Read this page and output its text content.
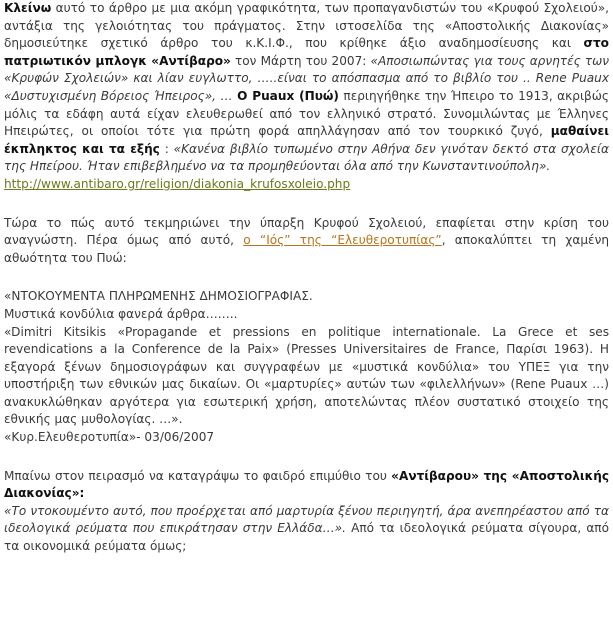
Κλείνω αυτό το άρθρο με μια ακόμη γραφικότητα, των προπαγανδιστών του «Κρυφού Σχολειού», αντάξια της γελοιότητας του πράγματος. Στην ιστοσελίδα της «Αποστολικής Διακονίας» δημοσιεύτηκε σχετικό άρθρο του κ.Κ.Ι.Φ., που κρίθηκε άξιο αναδημοσίευσης και στο πατριωτικόν μπλογκ «Αντίβαρο» τον Μάρτη του 2007: «Αποσιωπώντας για τους αρνητές των «Κρυφών Σχολειών» και λίαν ευγλωττο, …..είναι το απόσπασμα από το βιβλίο του .. Rene Puaux «Δυστυχισμένη Βόρειος Ήπειρος», … Ο Puaux (Πυώ) περιηγήθηκε την Ήπειρο το 1913, ακριβώς μόλις τα εδάφη αυτά είχαν ελευθερωθεί από τον ελληνικό στρατό. Συνομιλώντας με Έλληνες Ηπειρώτες, οι οποίοι τότε για πρώτη φορά απηλλάγησαν από τον τουρκικό ζυγό, μαθαίνει έκπληκτος και τα εξής : «Κανένα βιβλίο τυπωμένο στην Αθήνα δεν γινόταν δεκτό στα σχολεία της Ηπείρου. Ήταν επιβεβλημένο να τα προμηθεύονται όλα από την Κωνσταντινούπολη».

http://www.antibaro.gr/religion/diakonia_krufosxoleio.php

Τώρα το πώς αυτό τεκμηριώνει την ύπαρξη Κρυφού Σχολειού, επαφίεται στην κρίση του αναγνώστη. Πέρα όμως από αυτό, ο “Ιός” της “Ελευθεροτυπίας”, αποκαλύπτει τη χαμένη αθωότητα του Πυώ:

«ΝΤΟΚΟΥΜΕΝΤΑ ΠΛΗΡΩΜΕΝΗΣ ΔΗΜΟΣΙΟΓΡΑΦΙΑΣ.

Μυστικά κονδύλια φανερά άρθρα……..

«Dimitri Kitsikis «Propagande et pressions en politique internationale. La Grece et ses revendications a la Conference de la Paix» (Presses Universitaires de France, Παρίσι 1963). Η εξαγορά ξένων δημοσιογράφων και συγγραφέων με «μυστικά κονδύλια» του ΥΠΕΞ για την υποστήριξη των εθνικών μας δικαίων. Οι «μαρτυρίες» αυτών των «φιλελλήνων» (Rene Puaux …) ανακυκλώθηκαν αργότερα για εσωτερική χρήση, αποτελώντας πλέον συστατικό στοιχείο της εθνικής μας μυθολογίας. …».

«Κυρ.Ελευθεροτυπία»- 03/06/2007

Μπαίνω στον πειρασμό να καταγράψω το φαιδρό επιμύθιο του «Αντίβαρου» της «Αποστολικής Διακονίας»:

«Το ντοκουμέντο αυτό, που προέρχεται από μαρτυρία ξένου περιηγητή, άρα ανεπηρέαστου από τα ιδεολογικά ρεύματα που επικράτησαν στην Ελλάδα…». Από τα ιδεολογικά ρεύματα σίγουρα, από τα οικονομικά ρεύματα όμως;
